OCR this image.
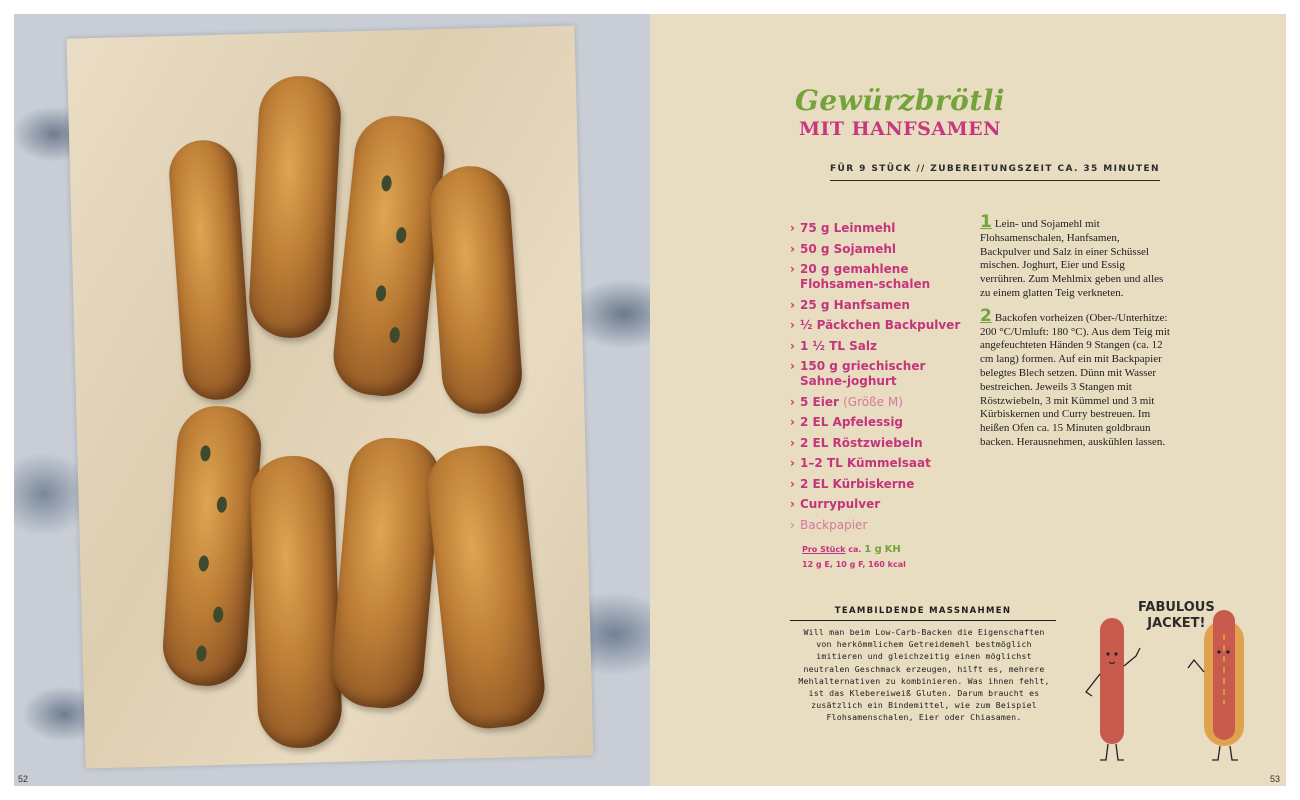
52
Gewürzbrötli
MIT HANFSAMEN
FÜR 9 STÜCK // ZUBEREITUNGSZEIT CA. 35 MINUTEN
› 75 g Leinmehl
› 50 g Sojamehl
› 20 g gemahlene Flohsamen-schalen
› 25 g Hanfsamen
› ½ Päckchen Backpulver
› 1 ½ TL Salz
› 150 g griechischer Sahne-joghurt
› 5 Eier (Größe M)
› 2 EL Apfelessig
› 2 EL Röstzwiebeln
› 1–2 TL Kümmelsaat
› 2 EL Kürbiskerne
› Currypulver
› Backpapier
Pro Stück ca. 1 g KH
12 g E, 10 g F, 160 kcal
1 Lein- und Sojamehl mit Flohsamenschalen, Hanfsamen, Backpulver und Salz in einer Schüssel mischen. Joghurt, Eier und Essig verrühren. Zum Mehlmix geben und alles zu einem glatten Teig verkneten.
2 Backofen vorheizen (Ober-/Unterhitze: 200 °C/Umluft: 180 °C). Aus dem Teig mit angefeuchteten Händen 9 Stangen (ca. 12 cm lang) formen. Auf ein mit Backpapier belegtes Blech setzen. Dünn mit Wasser bestreichen. Jeweils 3 Stangen mit Röstzwiebeln, 3 mit Kümmel und 3 mit Kürbiskernen und Curry bestreuen. Im heißen Ofen ca. 15 Minuten goldbraun backen. Herausnehmen, auskühlen lassen.
TEAMBILDENDE MASSNAHMEN
Will man beim Low-Carb-Backen die Eigenschaften von herkömmlichem Getreidemehl bestmöglich imitieren und gleichzeitig einen möglichst neutralen Geschmack erzeugen, hilft es, mehrere Mehlalternativen zu kombinieren. Was ihnen fehlt, ist das Klebereiweiß Gluten. Darum braucht es zusätzlich ein Bindemittel, wie zum Beispiel Flohsamenschalen, Eier oder Chiasamen.
FABULOUS
JACKET!
53
